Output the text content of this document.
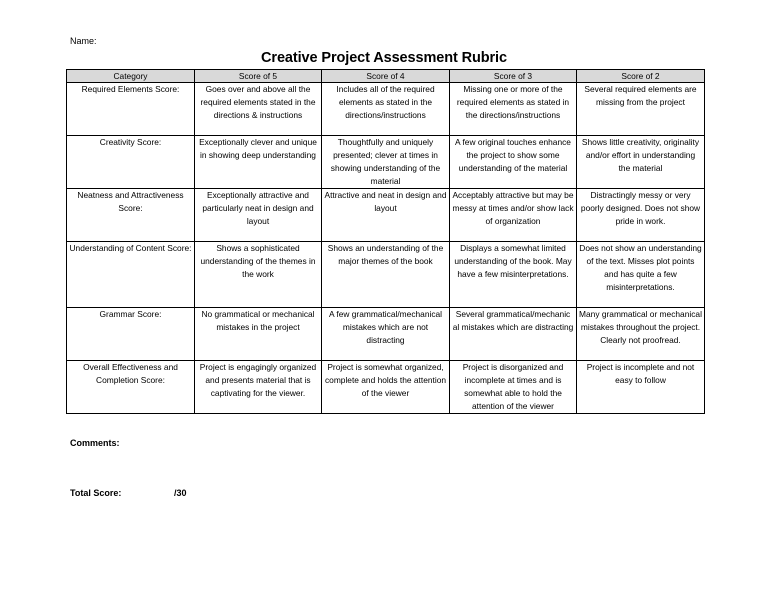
Name:
Creative Project Assessment Rubric
Category	Score of 5	Score of 4	Score of 3	Score of 2
Required Elements Score:	Goes over and above all the required elements stated in the directions & instructions	Includes all of the required elements as stated in the directions/instructions	Missing one or more of the required elements as stated in the directions/instructions	Several required elements are missing from the project
Creativity Score:	Exceptionally clever and unique in showing deep understanding	Thoughtfully and uniquely presented; clever at times in showing understanding of the material	A few original touches enhance the project to show some understanding of the material	Shows little creativity, originality and/or effort in understanding the material
Neatness and Attractiveness Score:	Exceptionally attractive and particularly neat in design and layout	Attractive and neat in design and layout	Acceptably attractive but may be messy at times and/or show lack of organization	Distractingly messy or very poorly designed. Does not show pride in work.
Understanding of Content Score:	Shows a sophisticated understanding of the themes in the work	Shows an understanding of the major themes of the book	Displays a somewhat limited understanding of the book. May have a few misinterpretations.	Does not show an understanding of the text. Misses plot points and has quite a few misinterpretations.
Grammar Score:	No grammatical or mechanical mistakes in the project	A few grammatical/mechanical mistakes which are not distracting	Several grammatical/mechanic al mistakes which are distracting	Many grammatical or mechanical mistakes throughout the project. Clearly not proofread.
Overall Effectiveness and Completion Score:	Project is engagingly organized and presents material that is captivating for the viewer.	Project is somewhat organized, complete and holds the attention of the viewer	Project is disorganized and incomplete at times and is somewhat able to hold the attention of the viewer	Project is incomplete and not easy to follow
Comments:
Total Score:	/30
